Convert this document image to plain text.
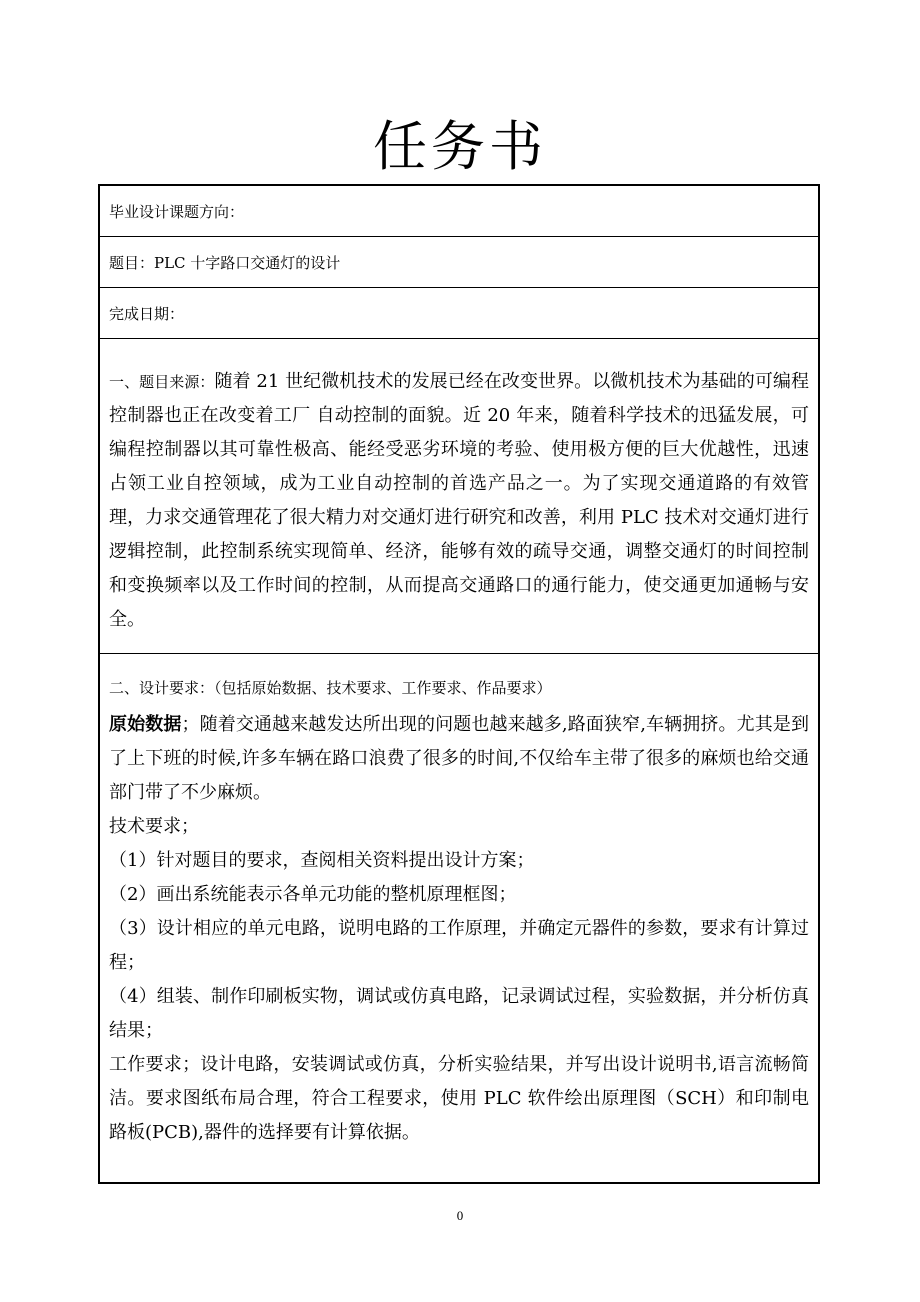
任务书
毕业设计课题方向：
题目：PLC 十字路口交通灯的设计
完成日期：

一、题目来源：随着 21 世纪微机技术的发展已经在改变世界。以微机技术为基础的可编程控制器也正在改变着工厂 自动控制的面貌。近 20 年来，随着科学技术的迅猛发展，可编程控制器以其可靠性极高、能经受恶劣环境的考验、使用极方便的巨大优越性，迅速占领工业自控领域，成为工业自动控制的首选产品之一。为了实现交通道路的有效管理，力求交通管理花了很大精力对交通灯进行研究和改善，利用 PLC 技术对交通灯进行逻辑控制，此控制系统实现简单、经济，能够有效的疏导交通，调整交通灯的时间控制和变换频率以及工作时间的控制，从而提高交通路口的通行能力，使交通更加通畅与安全。

二、设计要求：（包括原始数据、技术要求、工作要求、作品要求）

原始数据；随着交通越来越发达所出现的问题也越来越多,路面狭窄,车辆拥挤。尤其是到了上下班的时候,许多车辆在路口浪费了很多的时间,不仅给车主带了很多的麻烦也给交通部门带了不少麻烦。

技术要求；

（1）针对题目的要求，查阅相关资料提出设计方案；

（2）画出系统能表示各单元功能的整机原理框图；

（3）设计相应的单元电路，说明电路的工作原理，并确定元器件的参数，要求有计算过程；

（4）组装、制作印刷板实物，调试或仿真电路，记录调试过程，实验数据，并分析仿真结果；

工作要求；设计电路，安装调试或仿真，分析实验结果，并写出设计说明书,语言流畅简洁。要求图纸布局合理，符合工程要求，使用 PLC 软件绘出原理图（SCH）和印制电路板(PCB),器件的选择要有计算依据。

0
